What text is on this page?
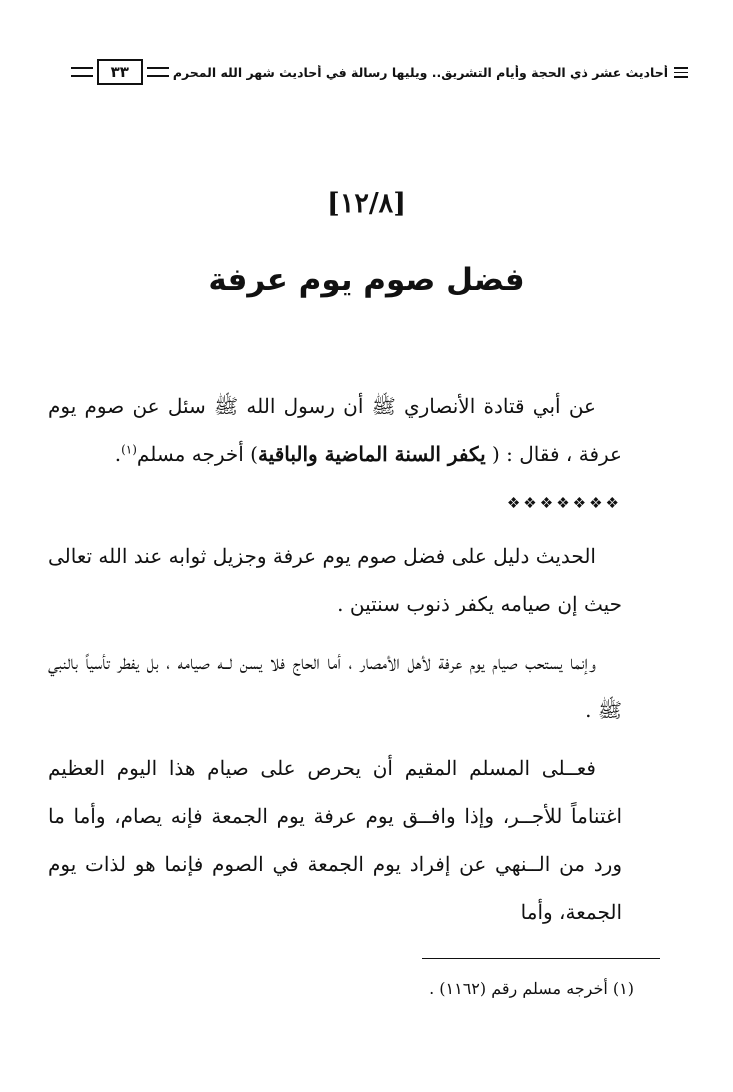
أحاديث عشر ذي الحجة وأيام التشريق.. ويليها رسالة في أحاديث شهر الله المحرم
٣٣
[١٢/٨]
فضل صوم يوم عرفة

عن أبي قتادة الأنصاري ﷺ أن رسول الله ﷺ سئل عن صوم يوم عرفة ، فقال : ( يكفر السنة الماضية والباقية) أخرجه مسلم$^{(١)}$.

❖❖❖❖❖❖❖

الحديث دليل على فضل صوم يوم عرفة وجزيل ثوابه عند الله تعالى حيث إن صيامه يكفر ذنوب سنتين .

وإنما يستحب صيام يوم عرفة لأهل الأمصار ، أما الحاج فلا يسن لــه صيامه ، بل يفطر تأسياً بالنبي ﷺ .

فعــلى المسلم المقيم أن يحرص على صيام هذا اليوم العظيم اغتناماً للأجــر، وإذا وافــق يوم عرفة يوم الجمعة فإنه يصام، وأما ما ورد من الــنهي عن إفراد يوم الجمعة في الصوم فإنما هو لذات يوم الجمعة، وأما

(١) أخرجه مسلم رقم (١١٦٢) .
